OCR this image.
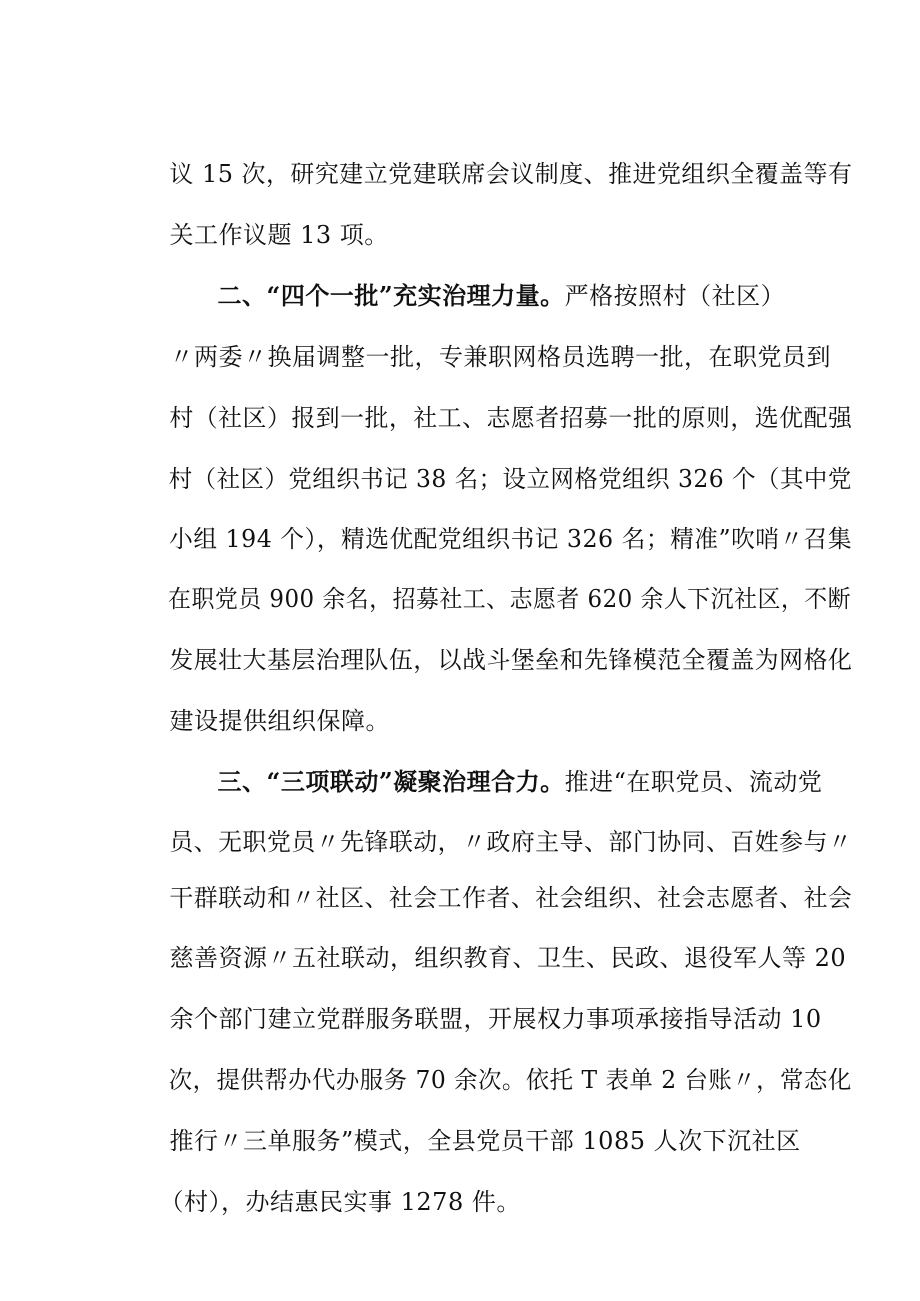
议 15 次，研究建立党建联席会议制度、推进党组织全覆盖等有

关工作议题 13 项。

二、“四个一批”充实治理力量。严格按照村（社区）

〃两委〃换届调整一批，专兼职网格员选聘一批，在职党员到

村（社区）报到一批，社工、志愿者招募一批的原则，选优配强

村（社区）党组织书记 38 名；设立网格党组织 326 个（其中党

小组 194 个），精选优配党组织书记 326 名；精准”吹哨〃召集

在职党员 900 余名，招募社工、志愿者 620 余人下沉社区，不断

发展壮大基层治理队伍，以战斗堡垒和先锋模范全覆盖为网格化

建设提供组织保障。

三、“三项联动”凝聚治理合力。推进“在职党员、流动党

员、无职党员〃先锋联动，〃政府主导、部门协同、百姓参与〃

干群联动和〃社区、社会工作者、社会组织、社会志愿者、社会

慈善资源〃五社联动，组织教育、卫生、民政、退役军人等 20

余个部门建立党群服务联盟，开展权力事项承接指导活动 10

次，提供帮办代办服务 70 余次。依托 T 表单 2 台账〃，常态化

推行〃三单服务”模式，全县党员干部 1085 人次下沉社区

（村），办结惠民实事 1278 件。
